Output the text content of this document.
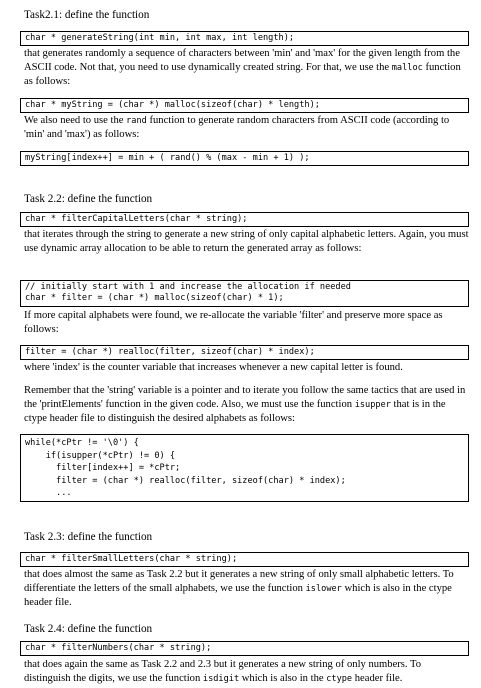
Task2.1: define the function
char * generateString(int min, int max, int length);
that generates randomly a sequence of characters between 'min' and 'max' for the given length from the ASCII code. Not that, you need to use dynamically created string. For that, we use the malloc function as follows:
char * myString = (char *) malloc(sizeof(char) * length);
We also need to use the rand function to generate random characters from ASCII code (according to 'min' and 'max') as follows:
myString[index++] = min + ( rand() % (max - min + 1) );
Task 2.2: define the function
char * filterCapitalLetters(char * string);
that iterates through the string to generate a new string of only capital alphabetic letters. Again, you must use dynamic array allocation to be able to return the generated array as follows:
// initially start with 1 and increase the allocation if needed
char * filter = (char *) malloc(sizeof(char) * 1);
If more capital alphabets were found, we re-allocate the variable 'filter' and preserve more space as follows:
filter = (char *) realloc(filter, sizeof(char) * index);
where 'index' is the counter variable that increases whenever a new capital letter is found.
Remember that the 'string' variable is a pointer and to iterate you follow the same tactics that are used in the 'printElements' function in the given code. Also, we must use the function isupper that is in the ctype header file to distinguish the desired alphabets as follows:
while(*cPtr != '\0') {
if(isupper(*cPtr) != 0) {
filter[index++] = *cPtr;
filter = (char *) realloc(filter, sizeof(char) * index);
...
Task 2.3: define the function
char * filterSmallLetters(char * string);
that does almost the same as Task 2.2 but it generates a new string of only small alphabetic letters. To differentiate the letters of the small alphabets, we use the function islower which is also in the ctype header file.
Task 2.4: define the function
char * filterNumbers(char * string);
that does again the same as Task 2.2 and 2.3 but it generates a new string of only numbers. To distinguish the digits, we use the function isdigit which is also in the ctype header file.
